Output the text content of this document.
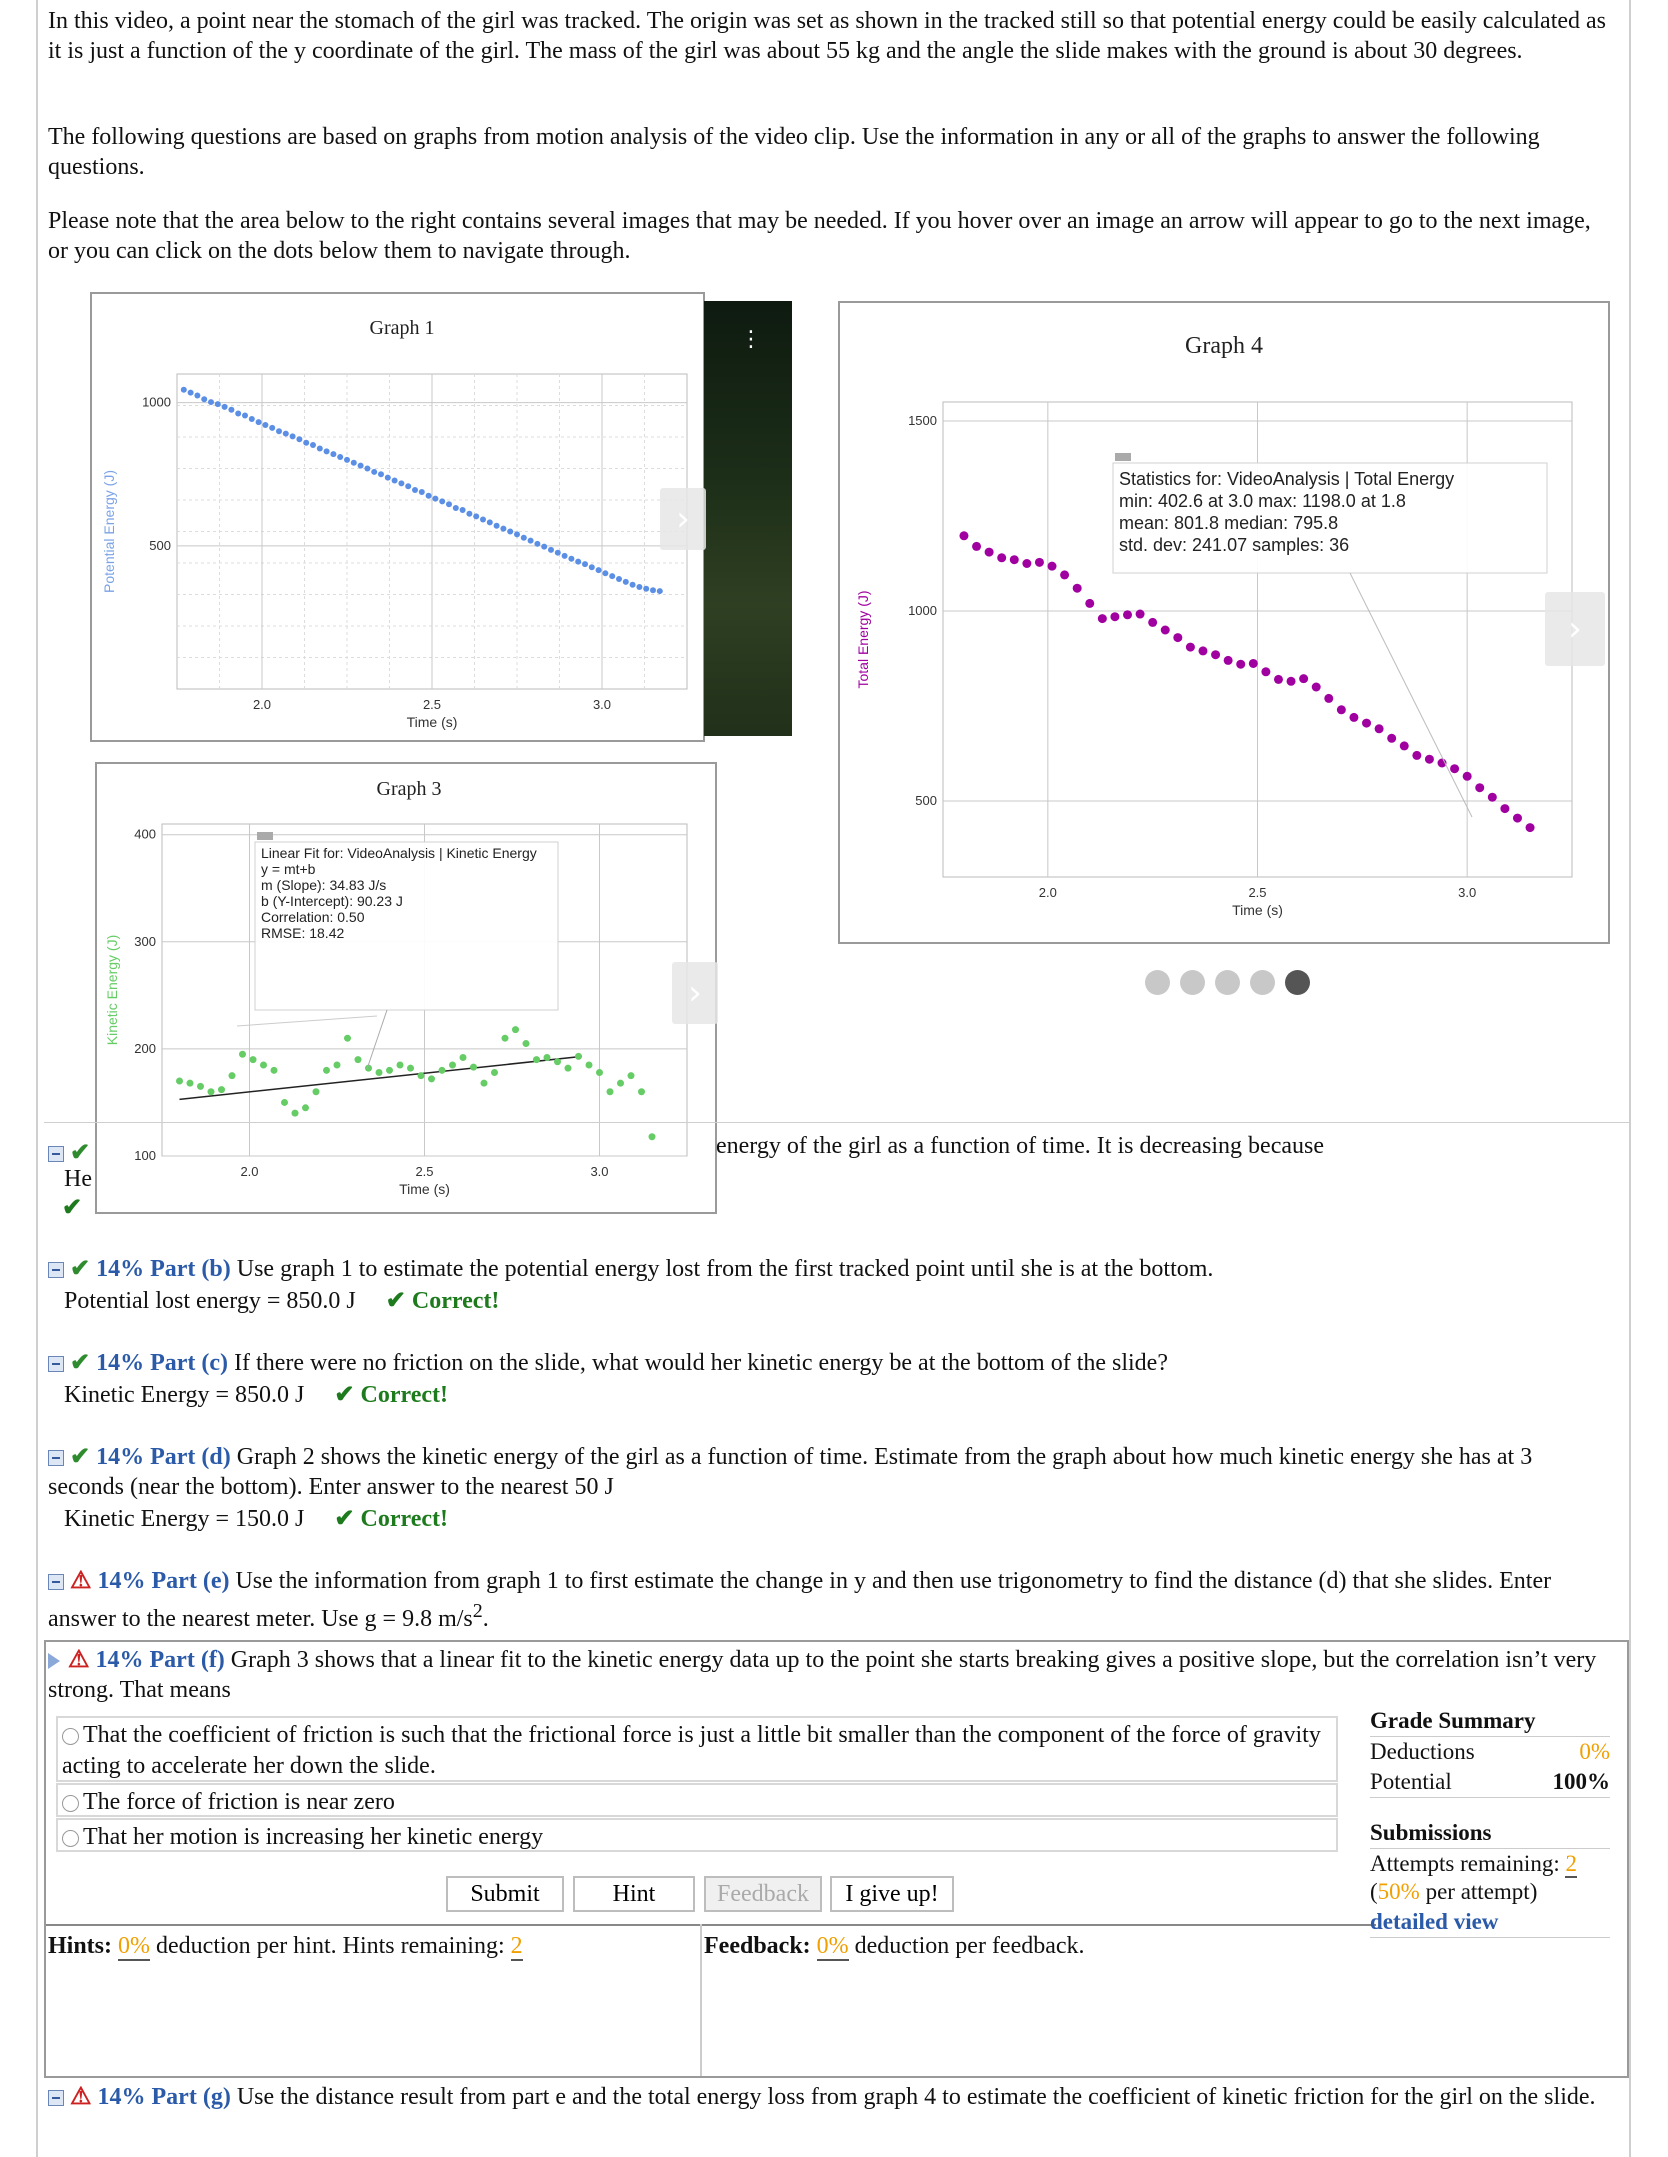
In this video, a point near the stomach of the girl was tracked. The origin was set as shown in the tracked still so that potential energy could be easily calculated as it is just a function of the y coordinate of the girl. The mass of the girl was about 55 kg and the angle the slide makes with the ground is about 30 degrees.
The following questions are based on graphs from motion analysis of the video clip. Use the information in any or all of the graphs to answer the following questions.
Please note that the area below to the right contains several images that may be needed. If you hover over an image an arrow will appear to go to the next image, or you can click on the dots below them to navigate through.
2.0	2.5	3.0
500
1000
Graph 1
Time (s)
Potential Energy (J)
⋮
›
2.0	2.5	3.0
100
200
300
400
Graph 3
Time (s)
Kinetic Energy (J)
Linear Fit for: VideoAnalysis | Kinetic Energy
y = mt+b
m (Slope): 34.83 J/s
b (Y-Intercept): 90.23 J
Correlation: 0.50
RMSE: 18.42
›
2.0	2.5	3.0
500
1000
1500
Graph 4
Time (s)
Total Energy (J)
Statistics for: VideoAnalysis | Total Energy
min: 402.6 at 3.0 max: 1198.0 at 1.8
mean: 801.8 median: 795.8
std. dev: 241.07 samples: 36
›
✔
He
✔
energy of the girl as a function of time. It is decreasing because
✔ 14% Part (b) Use graph 1 to estimate the potential energy lost from the first tracked point until she is at the bottom.
Potential lost energy = 850.0 J ✔ Correct!
✔ 14% Part (c) If there were no friction on the slide, what would her kinetic energy be at the bottom of the slide?
Kinetic Energy = 850.0 J ✔ Correct!
✔ 14% Part (d) Graph 2 shows the kinetic energy of the girl as a function of time. Estimate from the graph about how much kinetic energy she has at 3 seconds (near the bottom). Enter answer to the nearest 50 J
Kinetic Energy = 150.0 J ✔ Correct!
⚠ 14% Part (e) Use the information from graph 1 to first estimate the change in y and then use trigonometry to find the distance (d) that she slides. Enter answer to the nearest meter. Use g = 9.8 $m/s^2$.
⚠ 14% Part (f) Graph 3 shows that a linear fit to the kinetic energy data up to the point she starts breaking gives a positive slope, but the correlation isn’t very strong. That means
That the coefficient of friction is such that the frictional force is just a little bit smaller than the component of the force of gravity acting to accelerate her down the slide.
The force of friction is near zero
That her motion is increasing her kinetic energy
Submit	Hint	Feedback	I give up!
Hints: 0% deduction per hint. Hints remaining: 2	Feedback: 0% deduction per feedback.
Grade Summary
Deductions	0%
Potential	100%
Submissions
Attempts remaining: 2
(50% per attempt)
detailed view
⚠ 14% Part (g) Use the distance result from part e and the total energy loss from graph 4 to estimate the coefficient of kinetic friction for the girl on the slide.
